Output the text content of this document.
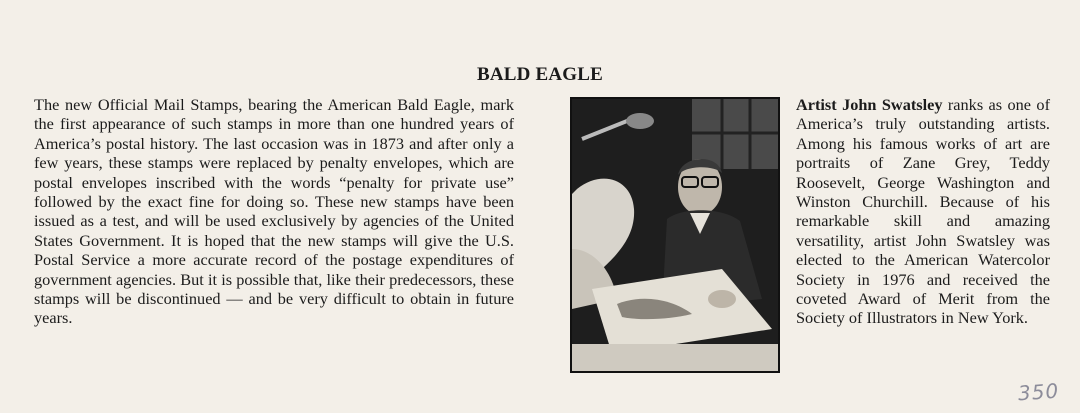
BALD EAGLE
The new Official Mail Stamps, bearing the American Bald Eagle, mark the first appearance of such stamps in more than one hundred years of America’s postal history. The last occasion was in 1873 and after only a few years, these stamps were replaced by penalty envelopes, which are postal envelopes inscribed with the words “penalty for private use” followed by the exact fine for doing so. These new stamps have been issued as a test, and will be used exclusively by agencies of the United States Government. It is hoped that the new stamps will give the U.S. Postal Service a more accurate record of the postage expenditures of government agencies. But it is possible that, like their predecessors, these stamps will be discontinued — and be very difficult to obtain in future years.
Artist John Swatsley ranks as one of America’s truly outstanding artists. Among his famous works of art are portraits of Zane Grey, Teddy Roosevelt, George Washington and Winston Churchill. Because of his remarkable skill and amazing versatility, artist John Swatsley was elected to the American Watercolor Society in 1976 and received the coveted Award of Merit from the Society of Illustrators in New York.
350
